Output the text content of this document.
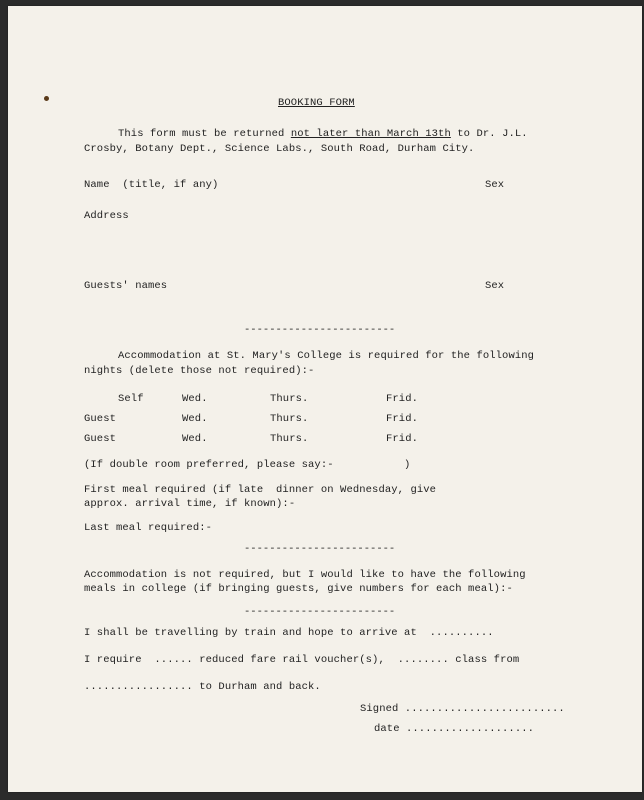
BOOKING FORM
This form must be returned not later than March 13th to Dr. J.L.
Crosby, Botany Dept., Science Labs., South Road, Durham City.
Name  (title, if any)	Sex
Address
Guests' names	Sex
------------------------
Accommodation at St. Mary's College is required for the following
nights (delete those not required):-
Self	Wed.	Thurs.	Frid.
Guest	Wed.	Thurs.	Frid.
Guest	Wed.	Thurs.	Frid.
(If double room preferred, please say:-	)
First meal required (if late  dinner on Wednesday, give
approx. arrival time, if known):-
Last meal required:-
------------------------
Accommodation is not required, but I would like to have the following
meals in college (if bringing guests, give numbers for each meal):-
------------------------
I shall be travelling by train and hope to arrive at  ..........
I require  ...... reduced fare rail voucher(s),  ........ class from
................. to Durham and back.
Signed .........................
date ....................
